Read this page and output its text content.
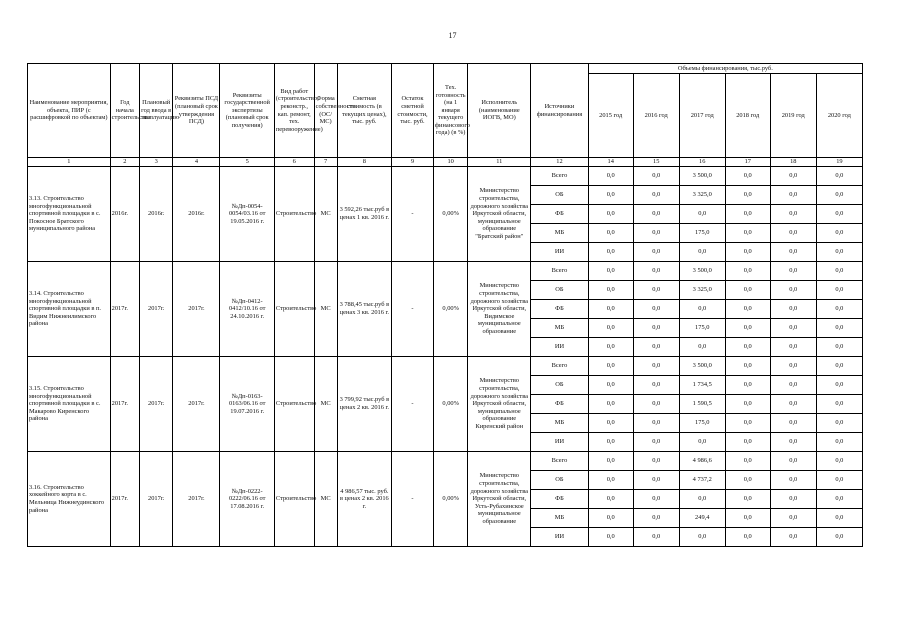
17
Наименование мероприятия, объекта, ПИР (с расшифровкой по объектам)	Год начала строительства	Плановый год ввода в эксплуатацию	Реквизиты ПСД (плановый срок утверждения ПСД)	Реквизиты государственной экспертизы (плановый срок получения)	Вид работ (строительство, реконстр., кап. ремонт, тех. перевооружение)	Форма собственности (ОС/МС)	Сметная стоимость (в текущих ценах), тыс. руб.	Остаток сметной стоимости, тыс. руб.	Тех. готовность (на 1 января текущего финансового года) (в %)	Исполнитель (наименование ИОГВ, МО)	Источники финансирования	Объемы финансирования, тыс.руб.					
												2015 год	2016 год	2017 год	2018 год	2019 год	2020 год
1	2	3	4	5	6	7	8	9	10	11	12	14	15	16	17	18	19
3.13. Строительство многофункциональной спортивной площадки в с. Покосное Братского муниципального района	2016г.	2016г.	2016г.	№Дп-0054-0054/03.16 от 19.05.2016 г.	Строительство	МС	3 592,26 тыс.руб в ценах 1 кв. 2016 г.	-	0,00%	Министерство строительства, дорожного хозяйства Иркутской области, муниципальное образование "Братский район"	Всего	0,0	0,0	3 500,0	0,0	0,0	0,0
											ОБ	0,0	0,0	3 325,0	0,0	0,0	0,0
											ФБ	0,0	0,0	0,0	0,0	0,0	0,0
											МБ	0,0	0,0	175,0	0,0	0,0	0,0
											ИИ	0,0	0,0	0,0	0,0	0,0	0,0
3.14. Строительство многофункциональной спортивной площадки в п. Видим Нижнеилимского района	2017г.	2017г.	2017г.	№Дп-0412-0412/10.16 от 24.10.2016 г.	Строительство	МС	3 788,45 тыс.руб в ценах 3 кв. 2016 г.	-	0,00%	Министерство строительства, дорожного хозяйства Иркутской области, Видимское муниципальное образование	Всего	0,0	0,0	3 500,0	0,0	0,0	0,0
											ОБ	0,0	0,0	3 325,0	0,0	0,0	0,0
											ФБ	0,0	0,0	0,0	0,0	0,0	0,0
											МБ	0,0	0,0	175,0	0,0	0,0	0,0
											ИИ	0,0	0,0	0,0	0,0	0,0	0,0
3.15. Строительство многофункциональной спортивной площадки в с. Макарово Киренского района	2017г.	2017г.	2017г.	№Дп-0163-0163/06.16 от 19.07.2016 г.	Строительство	МС	3 799,92 тыс.руб в ценах 2 кв. 2016 г.	-	0,00%	Министерство строительства, дорожного хозяйства Иркутской области, муниципальное образование Киренский район	Всего	0,0	0,0	3 500,0	0,0	0,0	0,0
											ОБ	0,0	0,0	1 734,5	0,0	0,0	0,0
											ФБ	0,0	0,0	1 590,5	0,0	0,0	0,0
											МБ	0,0	0,0	175,0	0,0	0,0	0,0
											ИИ	0,0	0,0	0,0	0,0	0,0	0,0
3.16. Строительство хоккейного корта в с. Мельница Нижнеудинского района	2017г.	2017г.	2017г.	№Дп-0222-0222/06.16 от 17.08.2016 г.	Строительство	МС	4 986,57 тыс. руб. в ценах 2 кв. 2016 г.	-	0,00%	Министерство строительства, дорожного хозяйства Иркутской области, Усть-Рубахинское муниципальное образование	Всего	0,0	0,0	4 986,6	0,0	0,0	0,0
											ОБ	0,0	0,0	4 737,2	0,0	0,0	0,0
											ФБ	0,0	0,0	0,0	0,0	0,0	0,0
											МБ	0,0	0,0	249,4	0,0	0,0	0,0
											ИИ	0,0	0,0	0,0	0,0	0,0	0,0
